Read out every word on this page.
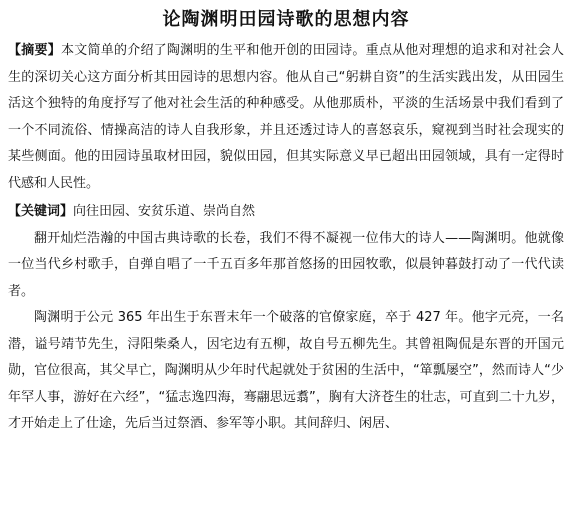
论陶渊明田园诗歌的思想内容

【摘要】本文简单的介绍了陶渊明的生平和他开创的田园诗。重点从他对理想的追求和对社会人生的深切关心这方面分析其田园诗的思想内容。他从自己“躬耕自资”的生活实践出发，从田园生活这个独特的角度抒写了他对社会生活的种种感受。从他那质朴，平淡的生活场景中我们看到了一个不同流俗、情操高洁的诗人自我形象，并且还透过诗人的喜怒哀乐，窥视到当时社会现实的某些侧面。他的田园诗虽取材田园，貌似田园，但其实际意义早已超出田园领域，具有一定得时代感和人民性。

【关键词】向往田园、安贫乐道、崇尚自然

翻开灿烂浩瀚的中国古典诗歌的长卷，我们不得不凝视一位伟大的诗人——陶渊明。他就像一位当代乡村歌手，自弹自唱了一千五百多年那首悠扬的田园牧歌，似晨钟暮鼓打动了一代代读者。

陶渊明于公元 365 年出生于东晋末年一个破落的官僚家庭，卒于 427 年。他字元亮，一名潜，谥号靖节先生，浔阳柴桑人，因宅边有五柳，故自号五柳先生。其曾祖陶侃是东晋的开国元勋，官位很高，其父早亡，陶渊明从少年时代起就处于贫困的生活中，“箪瓢屡空”，然而诗人“少年罕人事，游好在六经”，“猛志逸四海，骞翮思远翥”，胸有大济苍生的壮志，可直到二十九岁，才开始走上了仕途，先后当过祭酒、参军等小职。其间辞归、闲居、
